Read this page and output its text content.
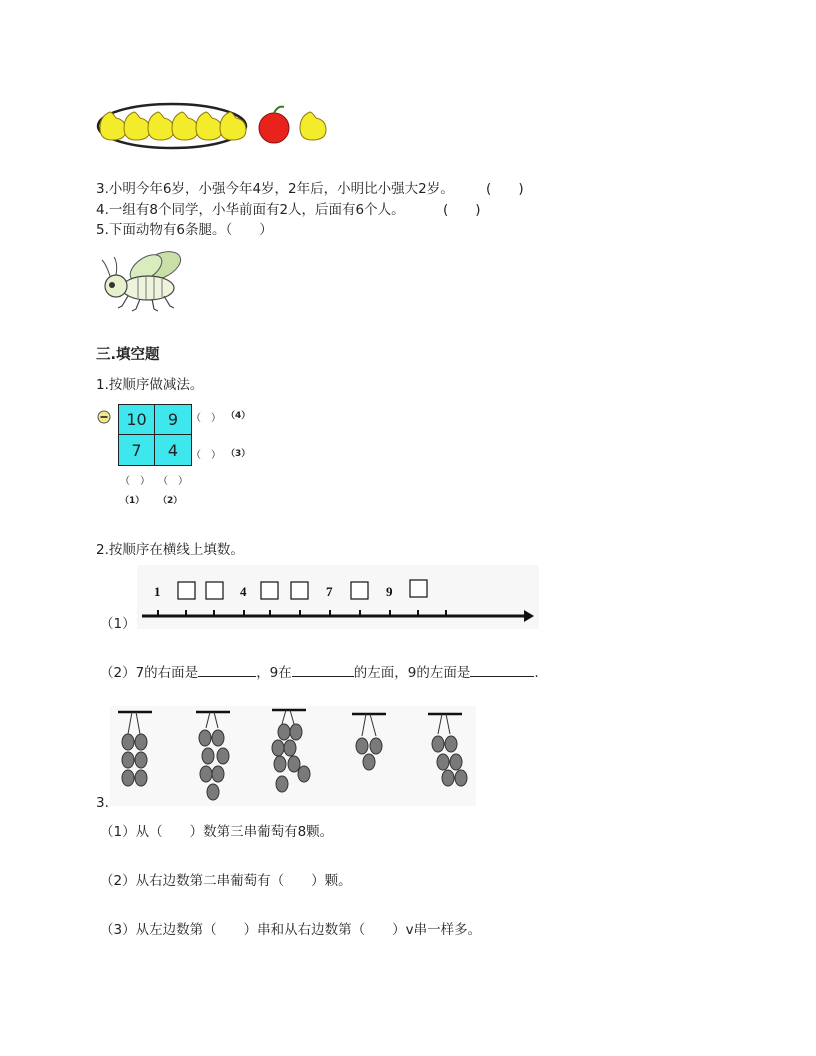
3.小明今年6岁，小强今年4岁，2年后，小明比小强大2岁。 (　　)
4.一组有8个同学，小华前面有2人，后面有6个人。	(　　)
5.下面动物有6条腿。（　　）
三.填空题
1.按顺序做减法。
10	9
7	4
（　） （4）
（　） （3）
（　） （　）
（1） （2）
2.按顺序在横线上填数。
（1）
1	4	7	9
（2）7的右面是	，9在	的左面，9的左面是	.
3.
（1）从（　　）数第三串葡萄有8颗。
（2）从右边数第二串葡萄有（　　）颗。
（3）从左边数第（　　）串和从右边数第（　　）v串一样多。
